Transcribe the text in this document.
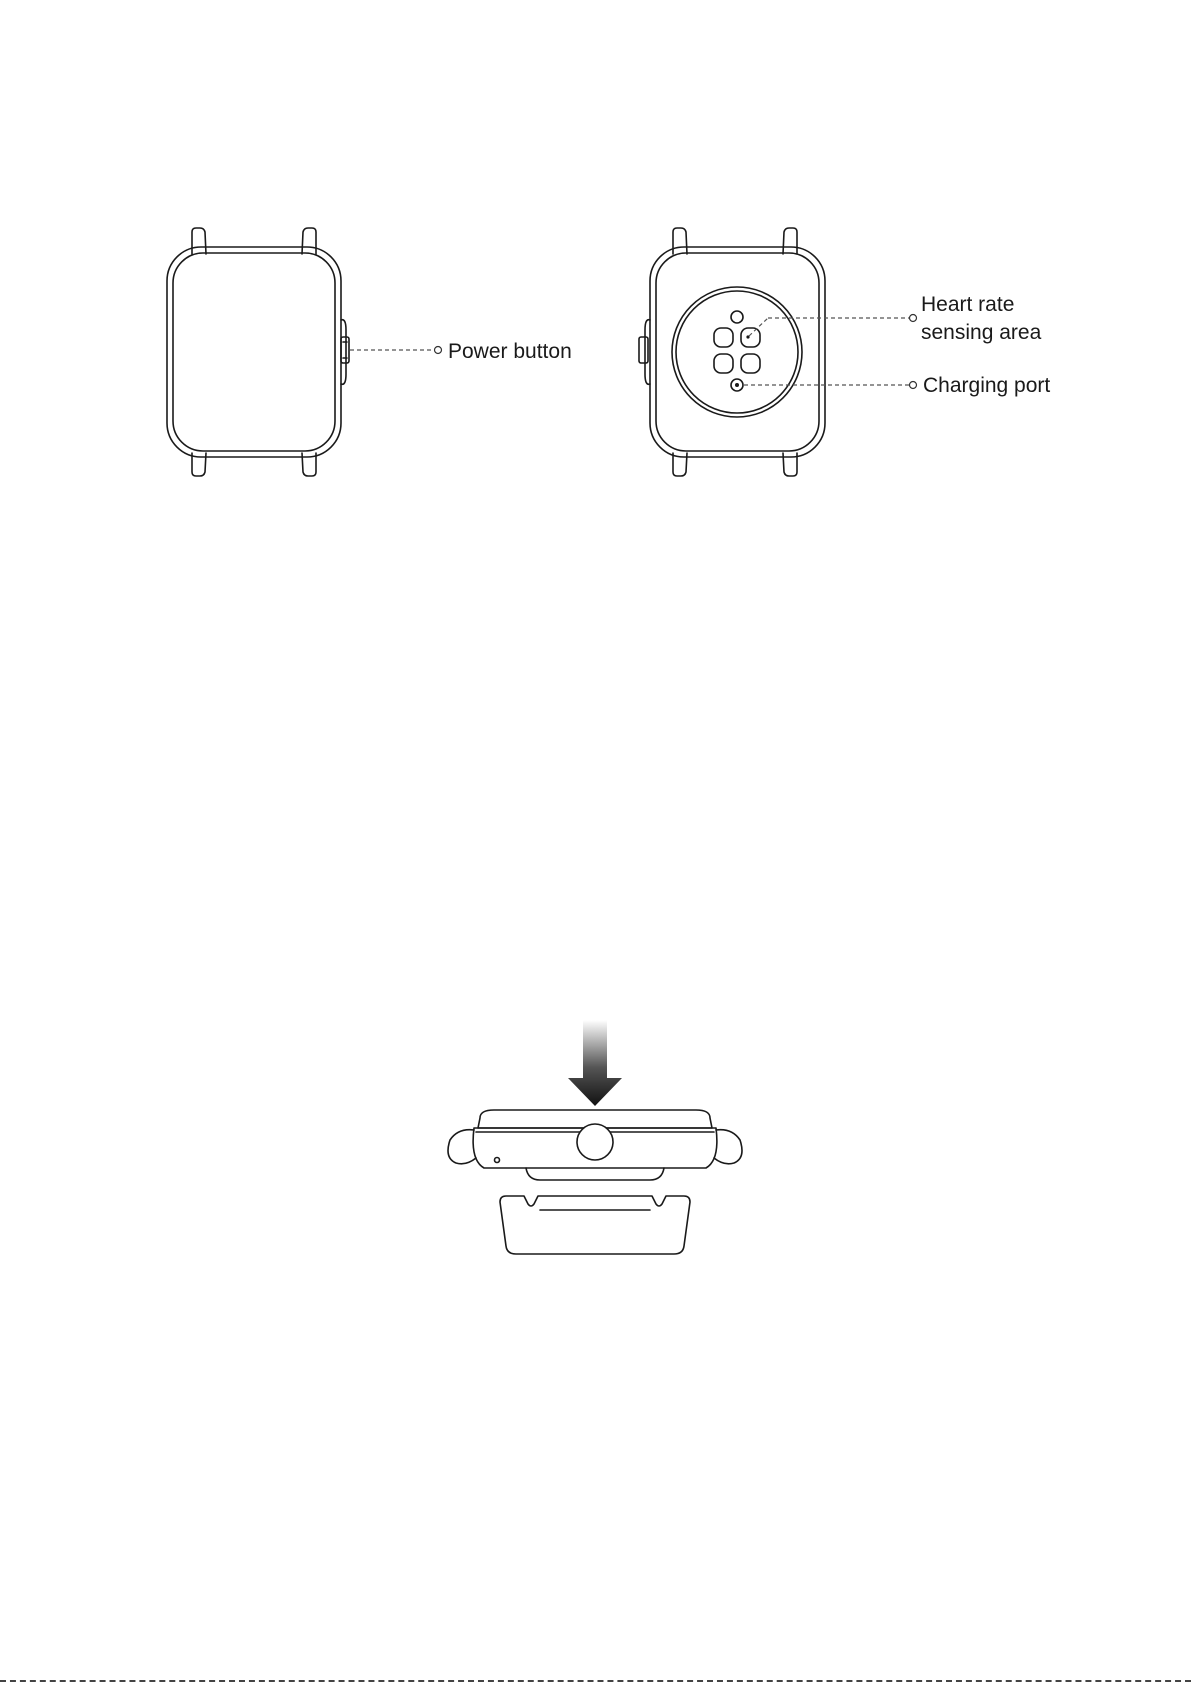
Power button
Heart rate
sensing area
Charging port
